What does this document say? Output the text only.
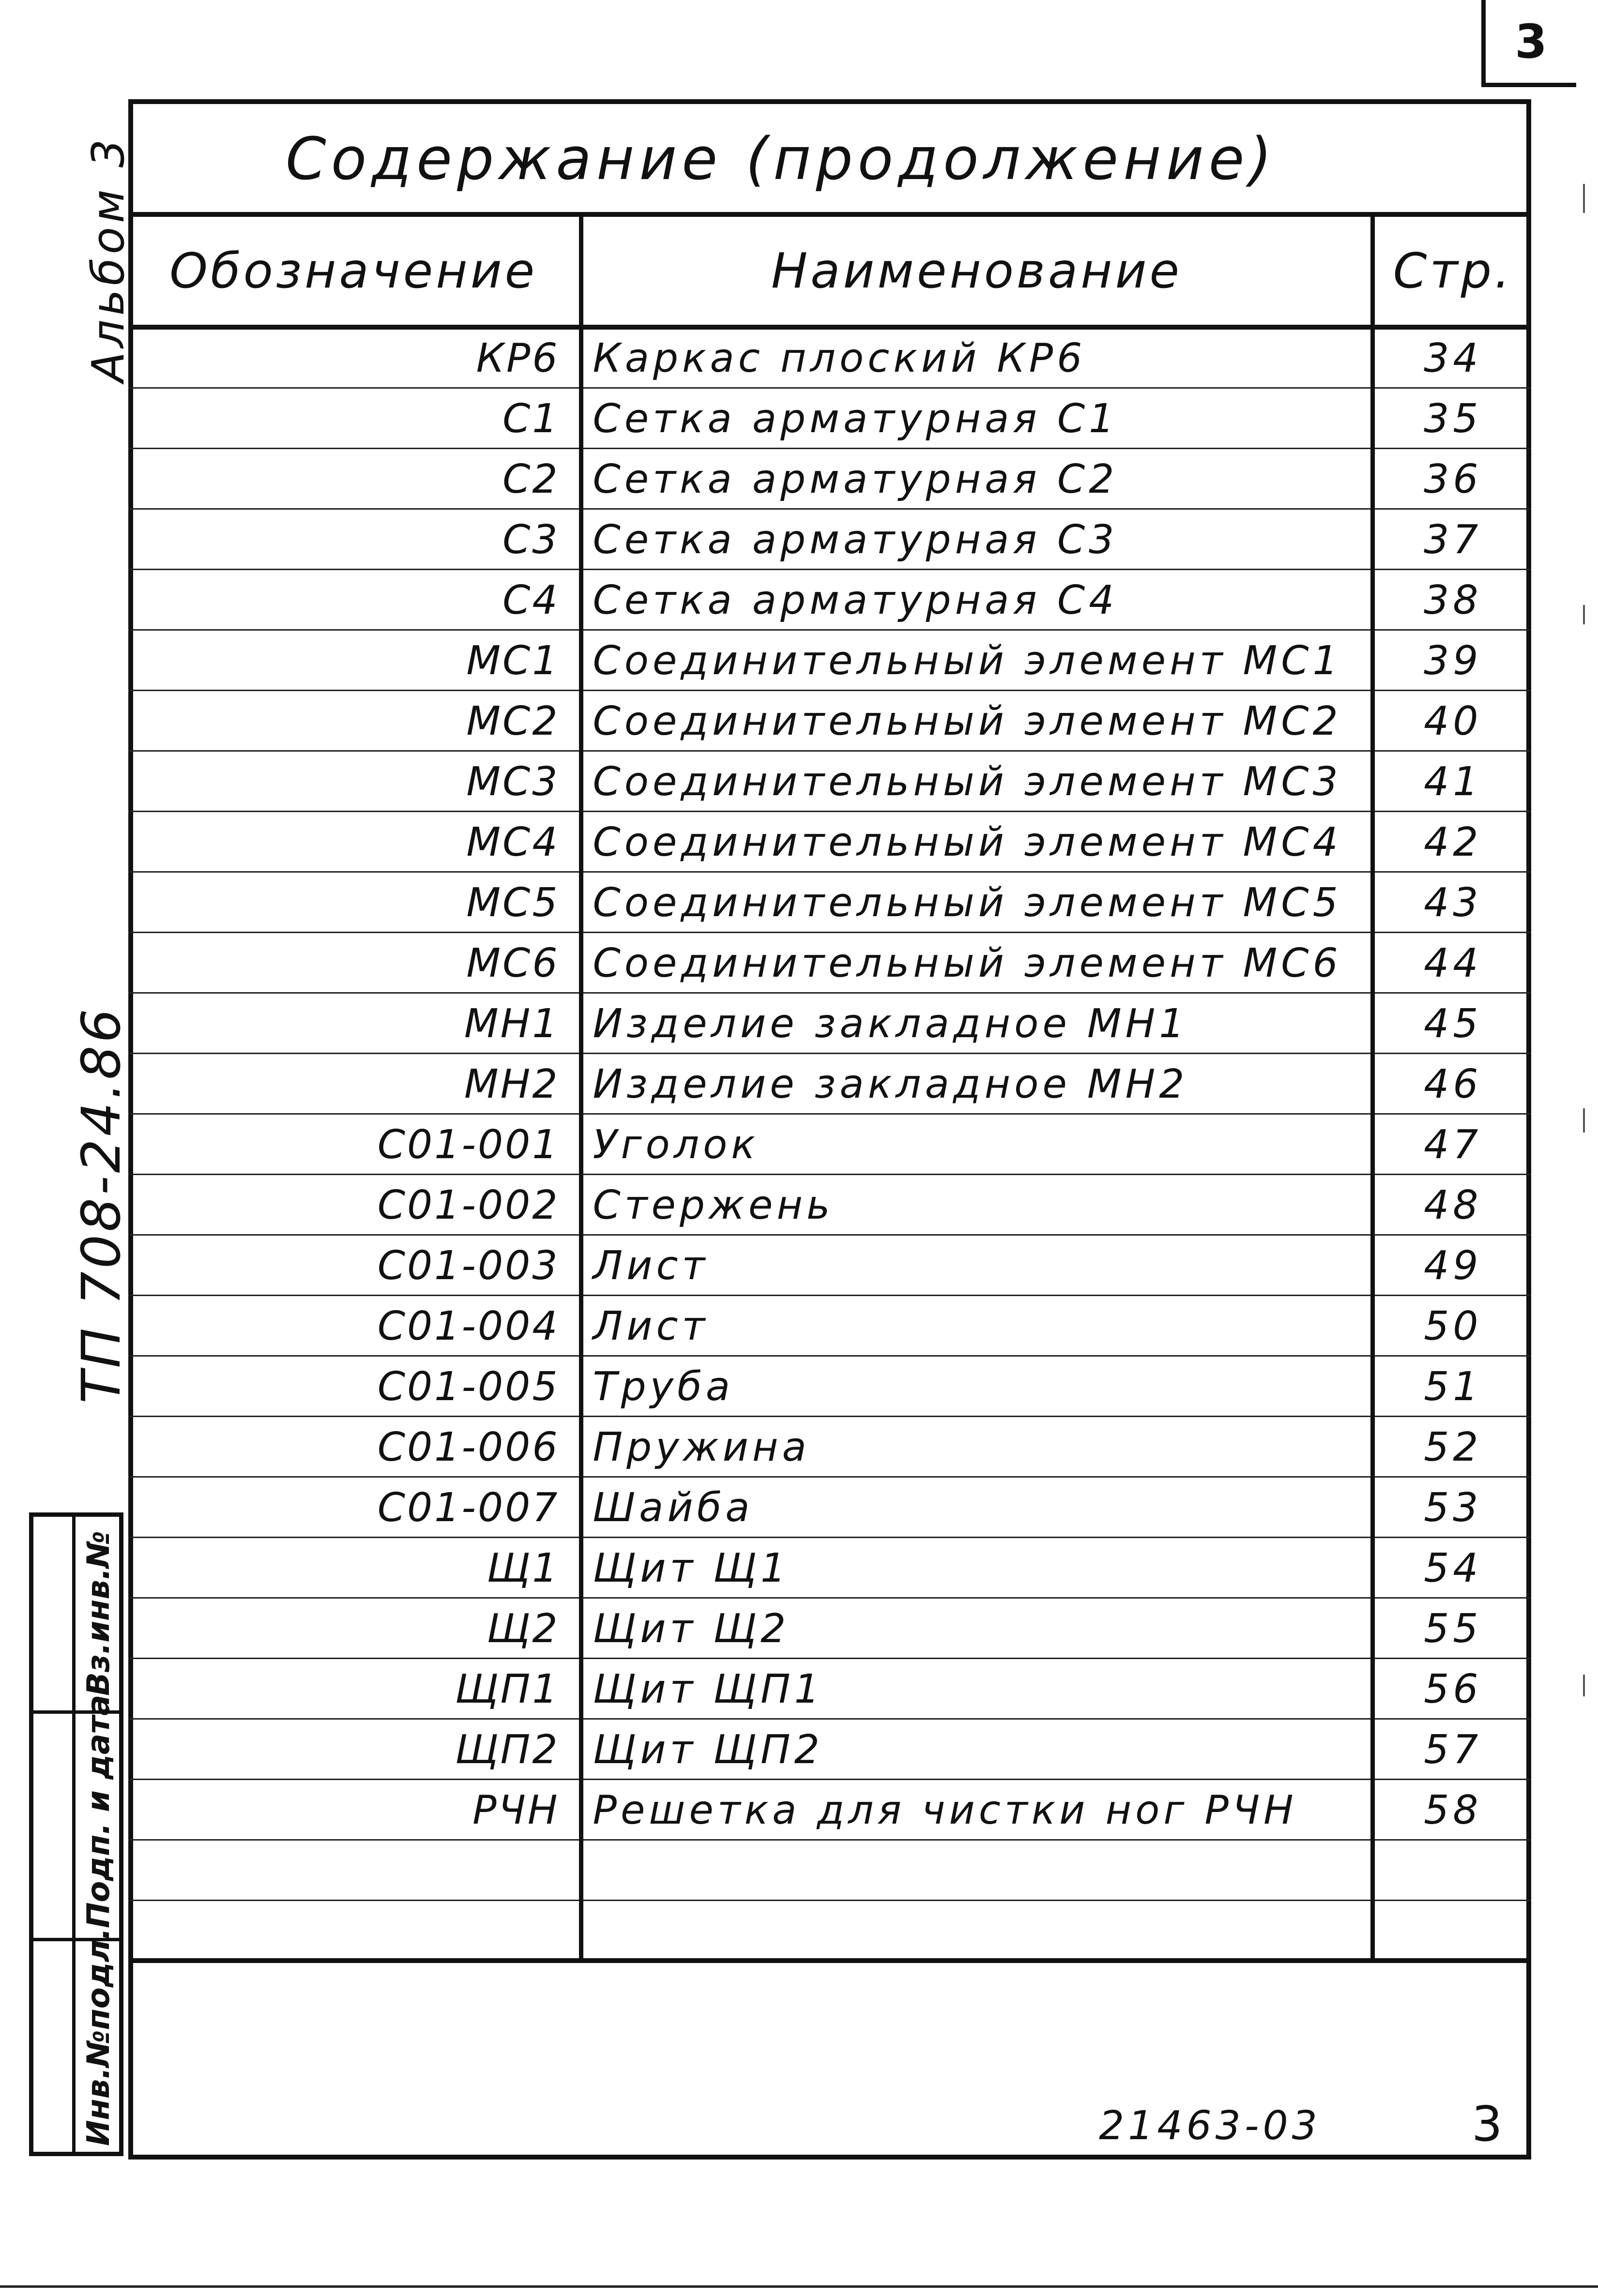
3
Содержание (продолжение)
Обозначение	Наименование	Стр.
КР6	Каркас плоский КР6	34
С1	Сетка арматурная С1	35
С2	Сетка арматурная С2	36
С3	Сетка арматурная С3	37
С4	Сетка арматурная С4	38
МС1	Соединительный элемент МС1	39
МС2	Соединительный элемент МС2	40
МС3	Соединительный элемент МС3	41
МС4	Соединительный элемент МС4	42
МС5	Соединительный элемент МС5	43
МС6	Соединительный элемент МС6	44
МН1	Изделие закладное МН1	45
МН2	Изделие закладное МН2	46
С01-001	Уголок	47
С01-002	Стержень	48
С01-003	Лист	49
С01-004	Лист	50
С01-005	Труба	51
С01-006	Пружина	52
С01-007	Шайба	53
Щ1	Щит Щ1	54
Щ2	Щит Щ2	55
ЩП1	Щит ЩП1	56
ЩП2	Щит ЩП2	57
РЧН	Решетка для чистки ног РЧН	58

Альбом 3
ТП 708-24.86
Вз.инв.№
Подп. и дата
Инв.№подл.	21463-03	3
